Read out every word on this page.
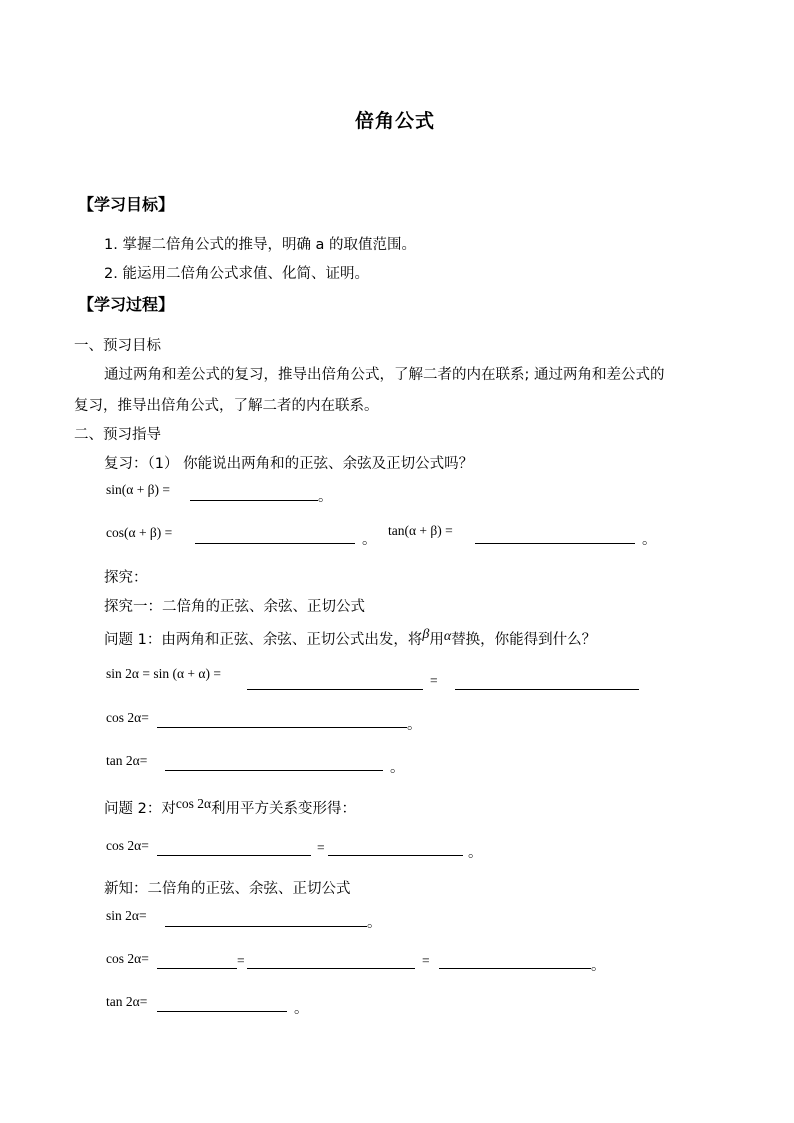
倍角公式
【学习目标】
1. 掌握二倍角公式的推导，明确 a 的取值范围。
2. 能运用二倍角公式求值、化简、证明。
【学习过程】
一、预习目标
通过两角和差公式的复习，推导出倍角公式，了解二者的内在联系; 通过两角和差公式的
复习，推导出倍角公式，了解二者的内在联系。
二、预习指导
复习：（1） 你能说出两角和的正弦、余弦及正切公式吗？
sin(α + β) =	。
cos(α + β) =	。
tan(α + β) =
。
探究：
探究一：二倍角的正弦、余弦、正切公式
问题 1：由两角和正弦、余弦、正切公式出发，将β用α替换，你能得到什么？
sin 2α = sin (α + α) =	=
cos 2α=	。
tan 2α=	。
问题 2：对cos 2α利用平方关系变形得：
cos 2α=	=	。
新知：二倍角的正弦、余弦、正切公式
sin 2α=	。
cos 2α=	=	=	。
tan 2α=	。
